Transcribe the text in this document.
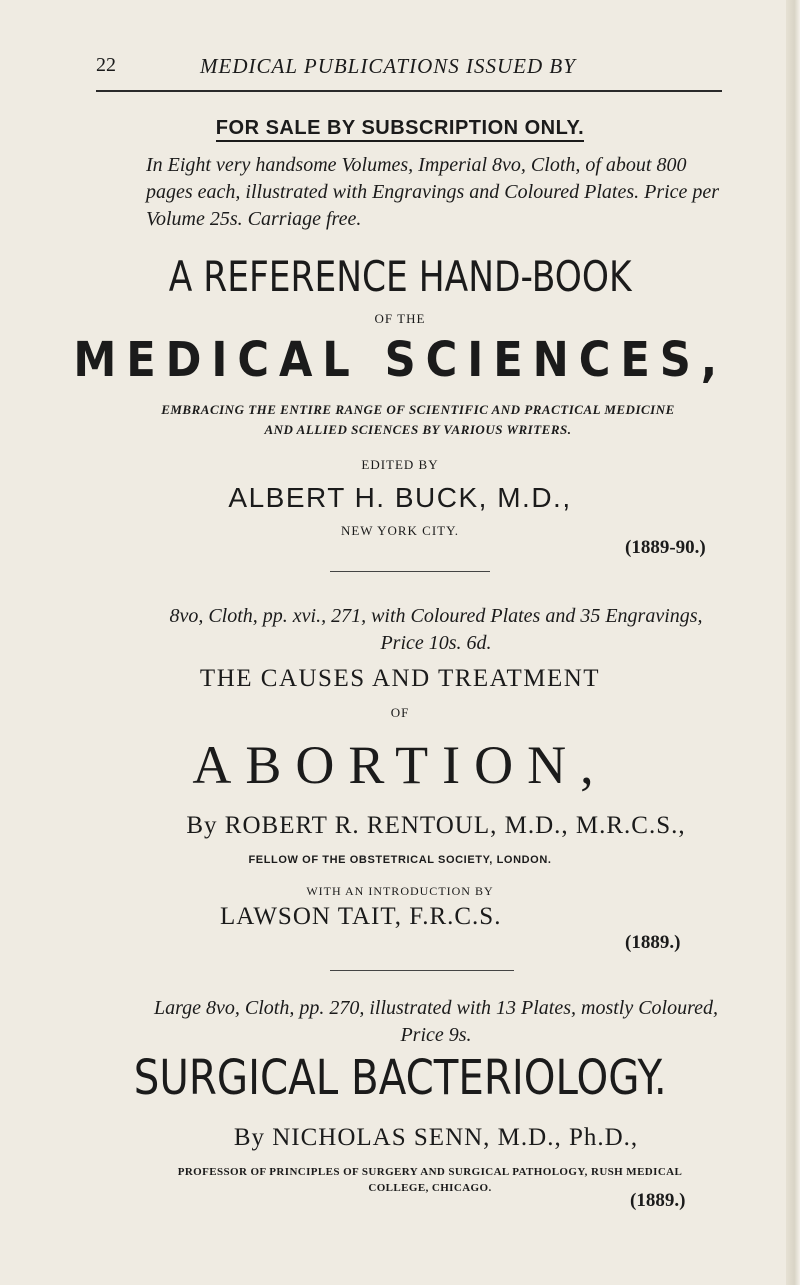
22	MEDICAL PUBLICATIONS ISSUED BY
FOR SALE BY SUBSCRIPTION ONLY.
In Eight very handsome Volumes, Imperial 8vo, Cloth, of about 800 pages each, illustrated with Engravings and Coloured Plates. Price per Volume 25s. Carriage free.
A REFERENCE HAND-BOOK
OF THE
MEDICAL SCIENCES,
EMBRACING THE ENTIRE RANGE OF SCIENTIFIC AND PRACTICAL MEDICINE AND ALLIED SCIENCES BY VARIOUS WRITERS.
EDITED BY
ALBERT H. BUCK, M.D.,
NEW YORK CITY.
(1889-90.)
8vo, Cloth, pp. xvi., 271, with Coloured Plates and 35 Engravings,
Price 10s. 6d.
THE CAUSES AND TREATMENT
OF
ABORTION,
By ROBERT R. RENTOUL, M.D., M.R.C.S.,
FELLOW OF THE OBSTETRICAL SOCIETY, LONDON.
WITH AN INTRODUCTION BY
LAWSON TAIT, F.R.C.S.
(1889.)
Large 8vo, Cloth, pp. 270, illustrated with 13 Plates, mostly Coloured,
Price 9s.
SURGICAL BACTERIOLOGY.
By NICHOLAS SENN, M.D., Ph.D.,
PROFESSOR OF PRINCIPLES OF SURGERY AND SURGICAL PATHOLOGY, RUSH MEDICAL COLLEGE, CHICAGO.
(1889.)
